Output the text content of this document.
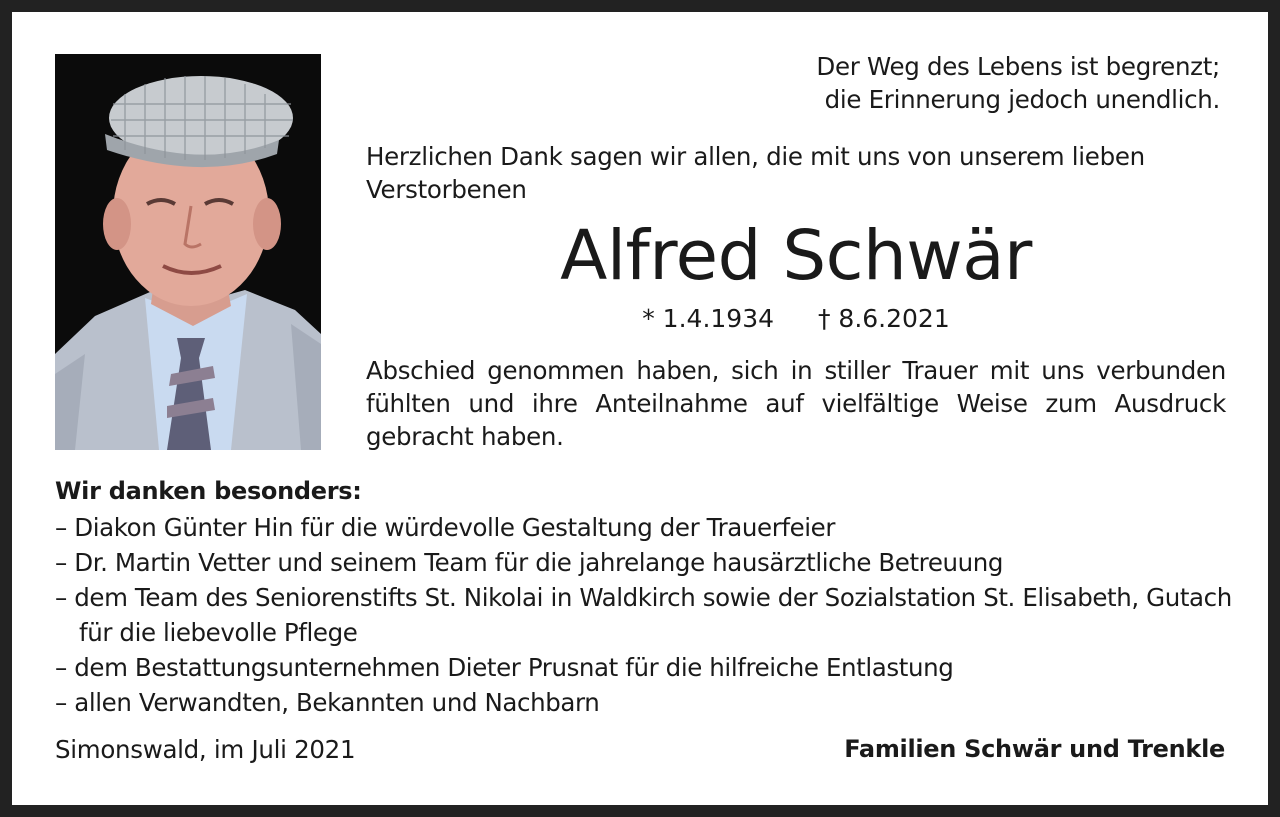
Der Weg des Lebens ist begrenzt;
die Erinnerung jedoch unendlich.
Herzlichen Dank sagen wir allen, die mit uns von unserem lieben Verstorbenen
Alfred Schwär
* 1.4.1934 † 8.6.2021
Abschied genommen haben, sich in stiller Trauer mit uns verbunden fühlten und ihre Anteilnahme auf vielfältige Weise zum Ausdruck gebracht haben.
Wir danken besonders:
– Diakon Günter Hin für die würdevolle Gestaltung der Trauerfeier
– Dr. Martin Vetter und seinem Team für die jahrelange hausärztliche Betreuung
– dem Team des Seniorenstifts St. Nikolai in Waldkirch sowie der Sozialstation St. Elisabeth, Gutach für die liebevolle Pflege
– dem Bestattungsunternehmen Dieter Prusnat für die hilfreiche Entlastung
– allen Verwandten, Bekannten und Nachbarn
Simonswald, im Juli 2021	Familien Schwär und Trenkle
